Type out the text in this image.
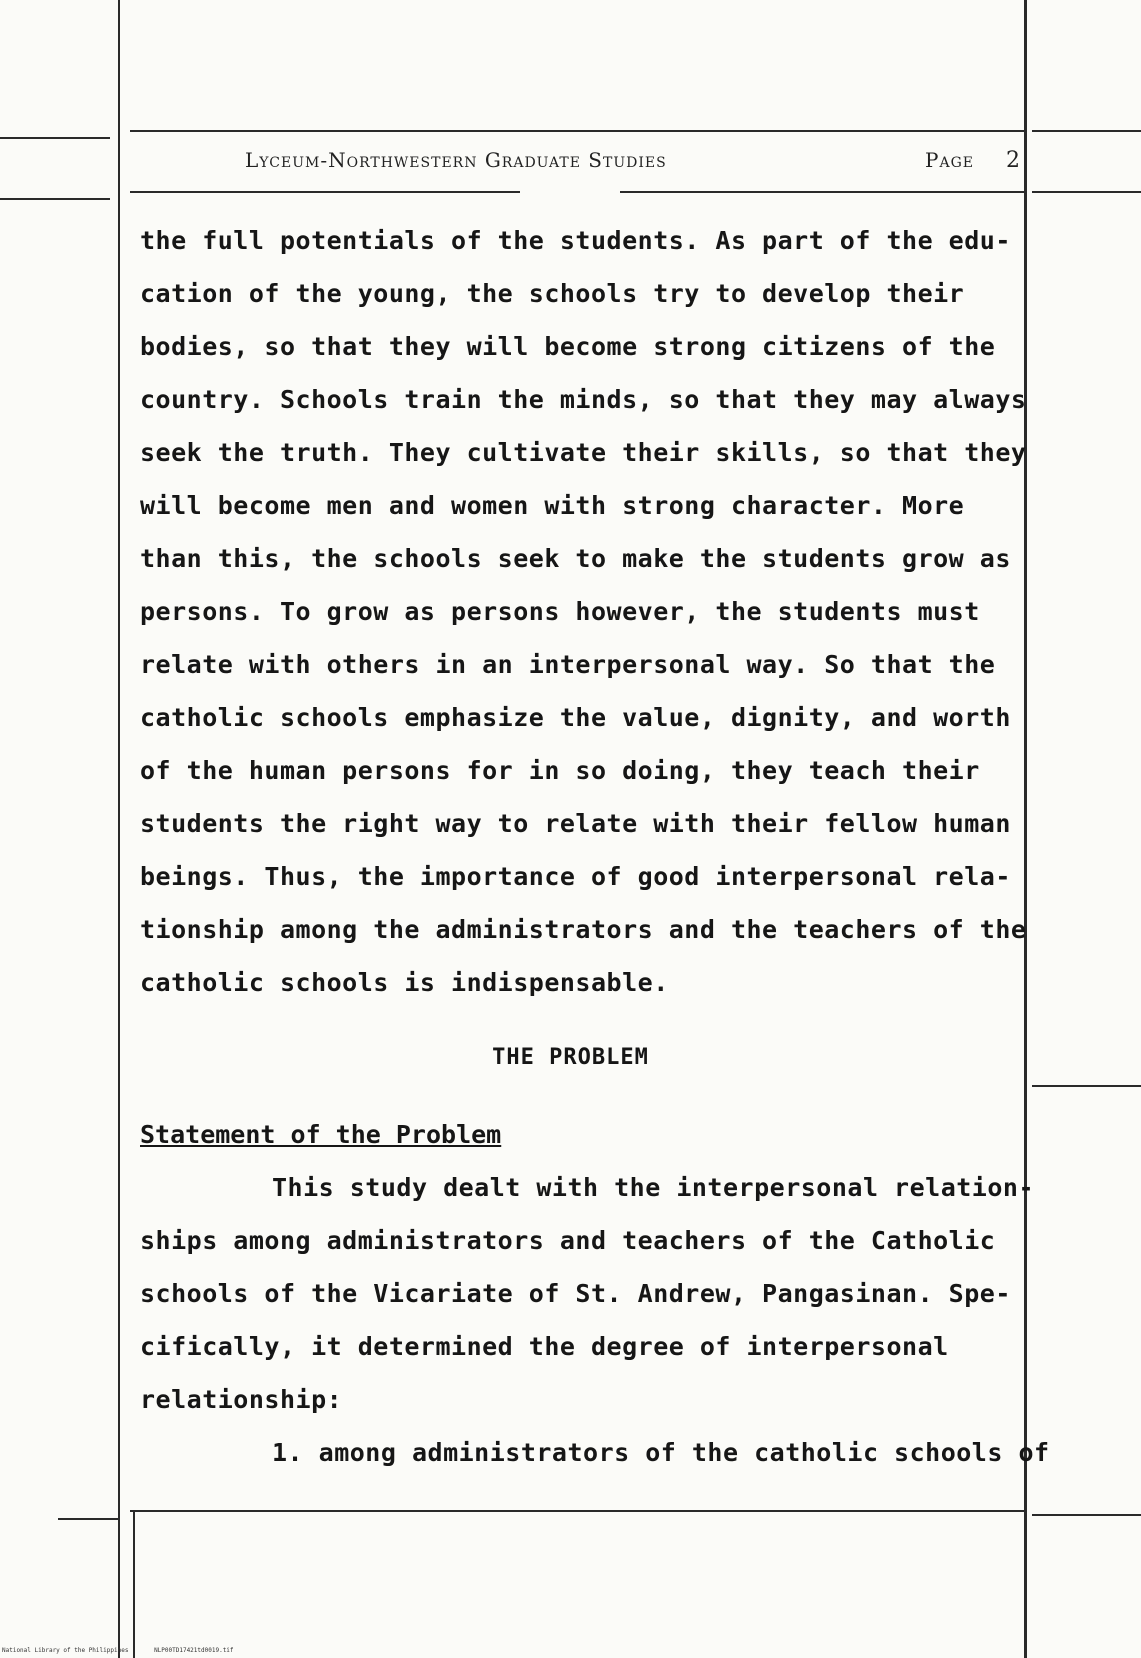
Lyceum-Northwestern Graduate Studies	Page 2
the full potentials of the students. As part of the edu-
cation of the young, the schools try to develop their
bodies, so that they will become strong citizens of the
country. Schools train the minds, so that they may always
seek the truth. They cultivate their skills, so that they
will become men and women with strong character. More
than this, the schools seek to make the students grow as
persons. To grow as persons however, the students must
relate with others in an interpersonal way. So that the
catholic schools emphasize the value, dignity, and worth
of the human persons for in so doing, they teach their
students the right way to relate with their fellow human
beings. Thus, the importance of good interpersonal rela-
tionship among the administrators and the teachers of the
catholic schools is indispensable.
THE PROBLEM
Statement of the Problem
This study dealt with the interpersonal relation-
ships among administrators and teachers of the Catholic
schools of the Vicariate of St. Andrew, Pangasinan. Spe-
cifically, it determined the degree of interpersonal
relationship:
1. among administrators of the catholic schools of
National Library of the Philippines	NLP00TD17421td0019.tif
